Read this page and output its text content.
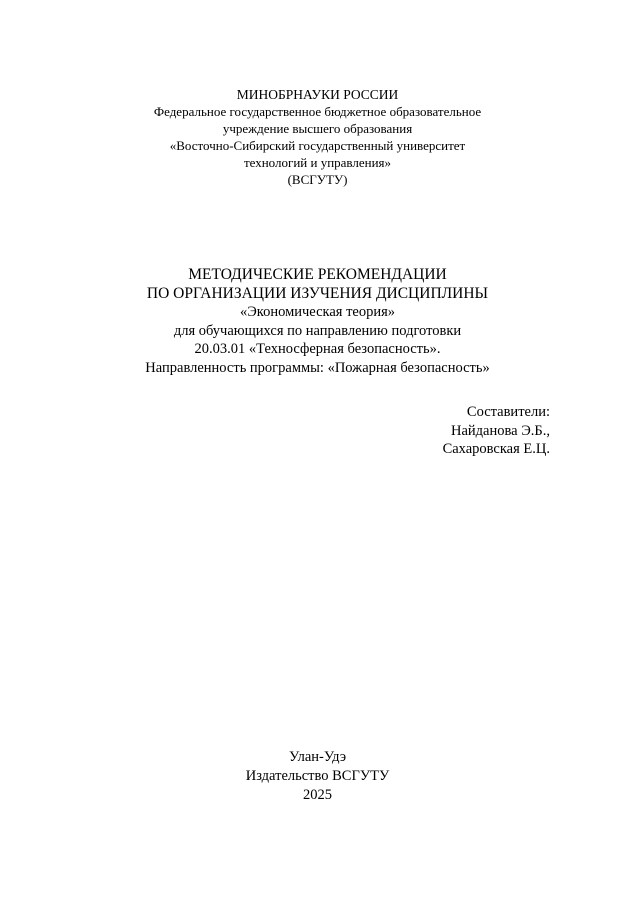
МИНОБРНАУКИ РОССИИ
Федеральное государственное бюджетное образовательное
учреждение высшего образования
«Восточно-Сибирский государственный университет
технологий и управления»
(ВСГУТУ)
МЕТОДИЧЕСКИЕ РЕКОМЕНДАЦИИ
ПО ОРГАНИЗАЦИИ ИЗУЧЕНИЯ ДИСЦИПЛИНЫ
«Экономическая теория»
для обучающихся по направлению подготовки
20.03.01 «Техносферная безопасность».
Направленность программы: «Пожарная безопасность»
Составители:
Найданова Э.Б.,
Сахаровская Е.Ц.
Улан-Удэ
Издательство ВСГУТУ
2025
